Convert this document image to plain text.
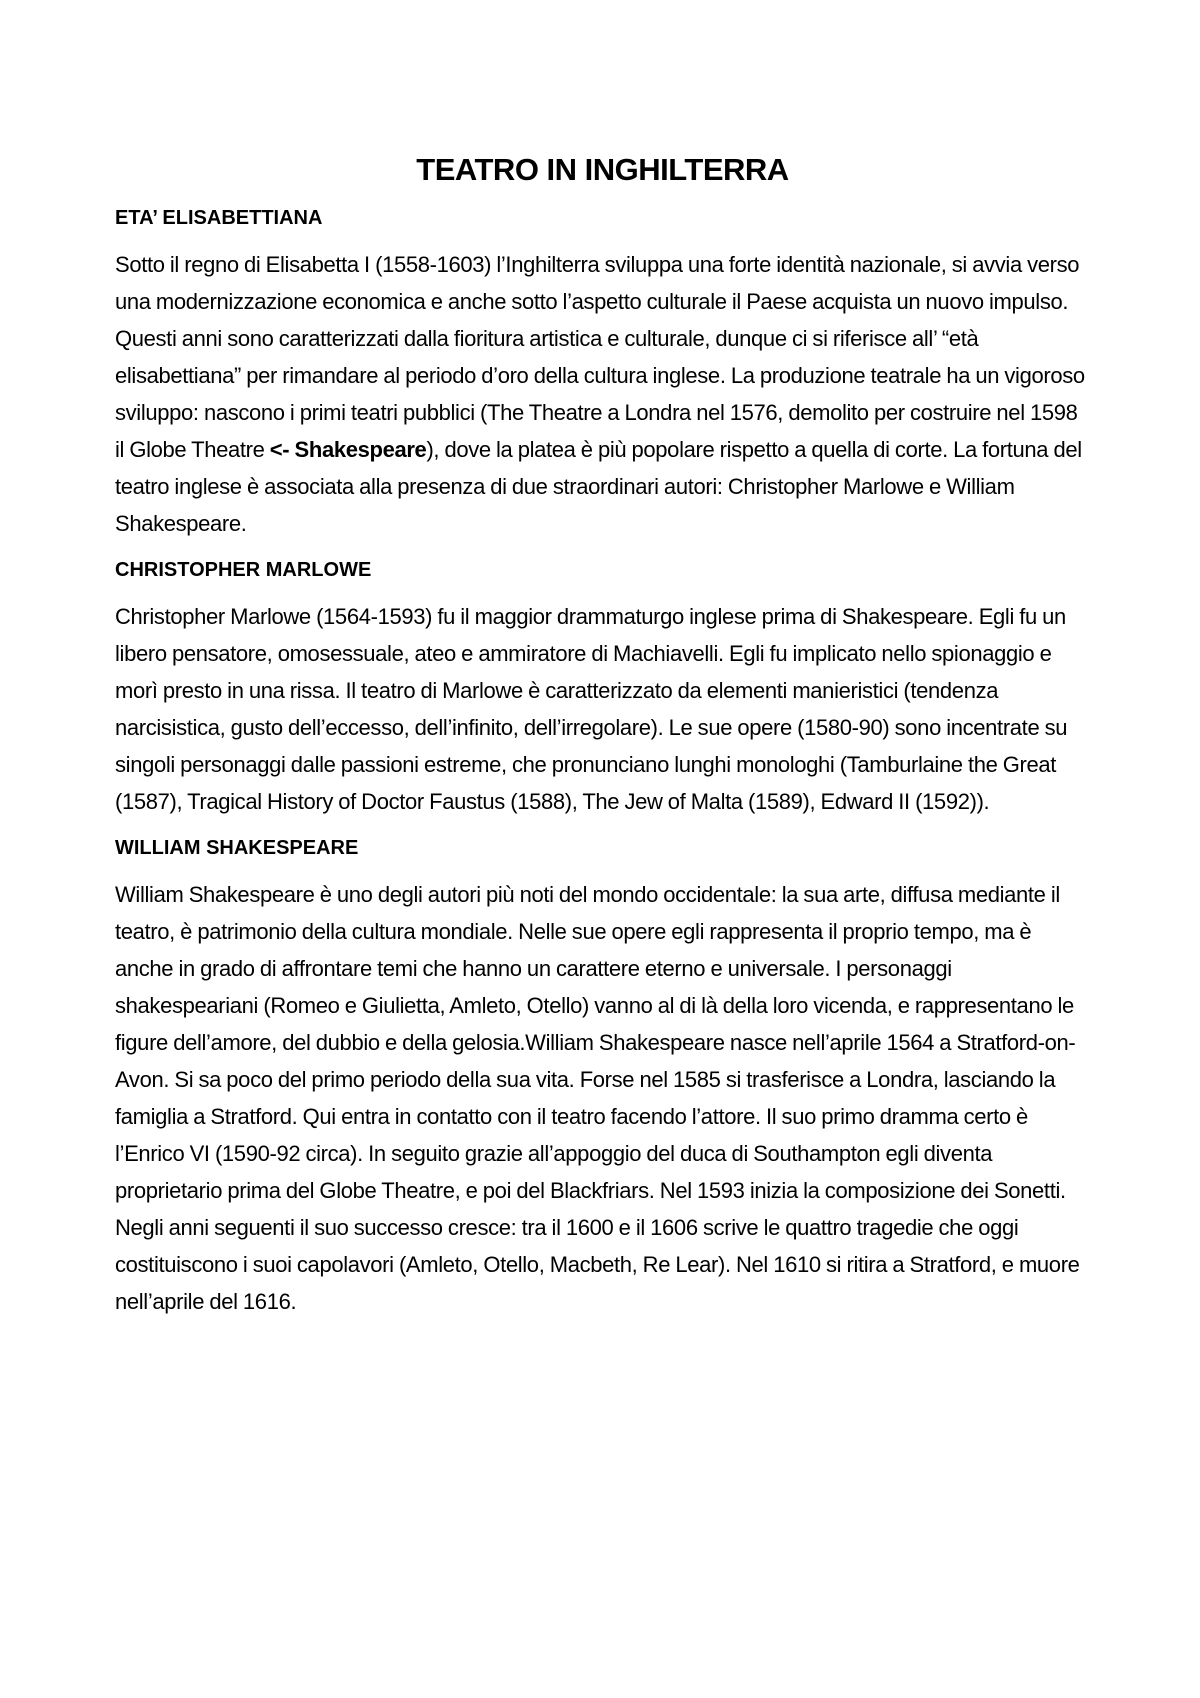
TEATRO IN INGHILTERRA
ETA’ ELISABETTIANA

Sotto il regno di Elisabetta I (1558-1603) l’Inghilterra sviluppa una forte identità nazionale, si avvia verso una modernizzazione economica e anche sotto l’aspetto culturale il Paese acquista un nuovo impulso. Questi anni sono caratterizzati dalla fioritura artistica e culturale, dunque ci si riferisce all’ “età elisabettiana” per rimandare al periodo d’oro della cultura inglese. La produzione teatrale ha un vigoroso sviluppo: nascono i primi teatri pubblici (The Theatre a Londra nel 1576, demolito per costruire nel 1598 il Globe Theatre <- Shakespeare), dove la platea è più popolare rispetto a quella di corte. La fortuna del teatro inglese è associata alla presenza di due straordinari autori: Christopher Marlowe e William Shakespeare.

CHRISTOPHER MARLOWE

Christopher Marlowe (1564-1593) fu il maggior drammaturgo inglese prima di Shakespeare. Egli fu un libero pensatore, omosessuale, ateo e ammiratore di Machiavelli. Egli fu implicato nello spionaggio e morì presto in una rissa. Il teatro di Marlowe è caratterizzato da elementi manieristici (tendenza narcisistica, gusto dell’eccesso, dell’infinito, dell’irregolare). Le sue opere (1580-90) sono incentrate su singoli personaggi dalle passioni estreme, che pronunciano lunghi monologhi (Tamburlaine the Great (1587), Tragical History of Doctor Faustus (1588), The Jew of Malta (1589), Edward II (1592)).

WILLIAM SHAKESPEARE

William Shakespeare è uno degli autori più noti del mondo occidentale: la sua arte, diffusa mediante il teatro, è patrimonio della cultura mondiale. Nelle sue opere egli rappresenta il proprio tempo, ma è anche in grado di affrontare temi che hanno un carattere eterno e universale. I personaggi shakespeariani (Romeo e Giulietta, Amleto, Otello) vanno al di là della loro vicenda, e rappresentano le figure dell’amore, del dubbio e della gelosia.William Shakespeare nasce nell’aprile 1564 a Stratford-on-Avon. Si sa poco del primo periodo della sua vita. Forse nel 1585 si trasferisce a Londra, lasciando la famiglia a Stratford. Qui entra in contatto con il teatro facendo l’attore. Il suo primo dramma certo è l’Enrico VI (1590-92 circa). In seguito grazie all’appoggio del duca di Southampton egli diventa proprietario prima del Globe Theatre, e poi del Blackfriars. Nel 1593 inizia la composizione dei Sonetti. Negli anni seguenti il suo successo cresce: tra il 1600 e il 1606 scrive le quattro tragedie che oggi costituiscono i suoi capolavori (Amleto, Otello, Macbeth, Re Lear). Nel 1610 si ritira a Stratford, e muore nell’aprile del 1616.
